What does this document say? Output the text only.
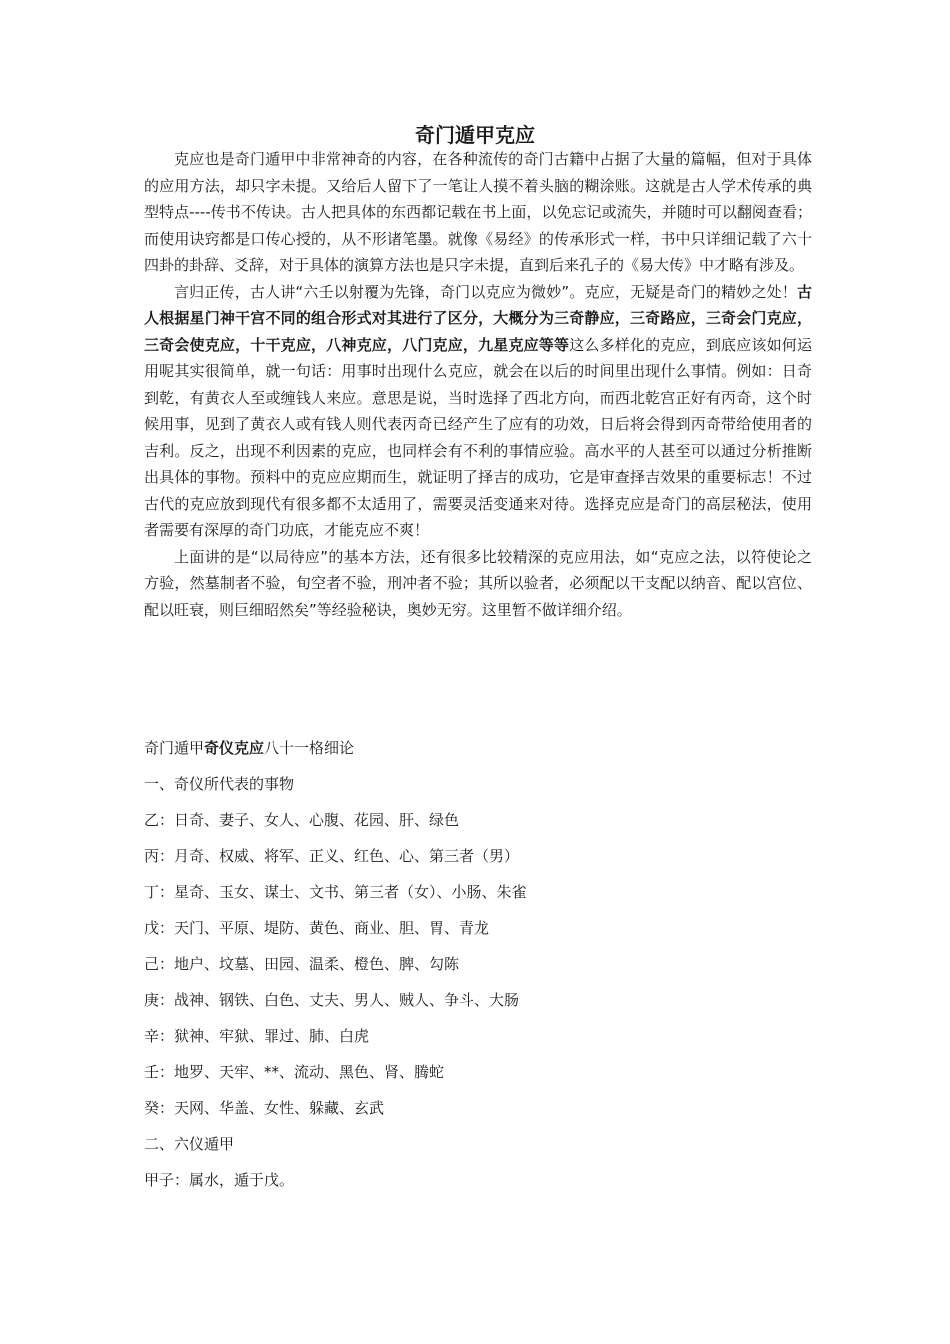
奇门遁甲克应

克应也是奇门遁甲中非常神奇的内容，在各种流传的奇门古籍中占据了大量的篇幅，但对于具体的应用方法，却只字未提。又给后人留下了一笔让人摸不着头脑的糊涂账。这就是古人学术传承的典型特点----传书不传诀。古人把具体的东西都记载在书上面，以免忘记或流失，并随时可以翻阅查看；而使用诀窍都是口传心授的，从不形诸笔墨。就像《易经》的传承形式一样，书中只详细记载了六十四卦的卦辞、爻辞，对于具体的演算方法也是只字未提，直到后来孔子的《易大传》中才略有涉及。

言归正传，古人讲“六壬以射覆为先锋，奇门以克应为微妙”。克应，无疑是奇门的精妙之处！古人根据星门神干宫不同的组合形式对其进行了区分，大概分为三奇静应，三奇路应，三奇会门克应，三奇会使克应，十干克应，八神克应，八门克应，九星克应等等这么多样化的克应，到底应该如何运用呢其实很简单，就一句话：用事时出现什么克应，就会在以后的时间里出现什么事情。例如：日奇到乾，有黄衣人至或缠钱人来应。意思是说，当时选择了西北方向，而西北乾宫正好有丙奇，这个时候用事，见到了黄衣人或有钱人则代表丙奇已经产生了应有的功效，日后将会得到丙奇带给使用者的吉利。反之，出现不利因素的克应，也同样会有不利的事情应验。高水平的人甚至可以通过分析推断出具体的事物。预料中的克应应期而生，就证明了择吉的成功，它是审查择吉效果的重要标志！不过古代的克应放到现代有很多都不太适用了，需要灵活变通来对待。选择克应是奇门的高层秘法，使用者需要有深厚的奇门功底，才能克应不爽！

上面讲的是“以局待应”的基本方法，还有很多比较精深的克应用法，如“克应之法，以符使论之方验，然墓制者不验，旬空者不验，刑冲者不验；其所以验者，必须配以干支配以纳音、配以宫位、配以旺衰，则巨细昭然矣”等经验秘诀，奥妙无穷。这里暂不做详细介绍。

奇门遁甲奇仪克应八十一格细论

一、奇仪所代表的事物

乙：日奇、妻子、女人、心腹、花园、肝、绿色

丙：月奇、权威、将军、正义、红色、心、第三者（男）

丁：星奇、玉女、谋士、文书、第三者（女）、小肠、朱雀

戊：天门、平原、堤防、黄色、商业、胆、胃、青龙

己：地户、坟墓、田园、温柔、橙色、脾、勾陈

庚：战神、钢铁、白色、丈夫、男人、贼人、争斗、大肠

辛：狱神、牢狱、罪过、肺、白虎

壬：地罗、天牢、**、流动、黑色、肾、腾蛇

癸：天网、华盖、女性、躲藏、玄武

二、六仪遁甲

甲子：属水，遁于戊。
